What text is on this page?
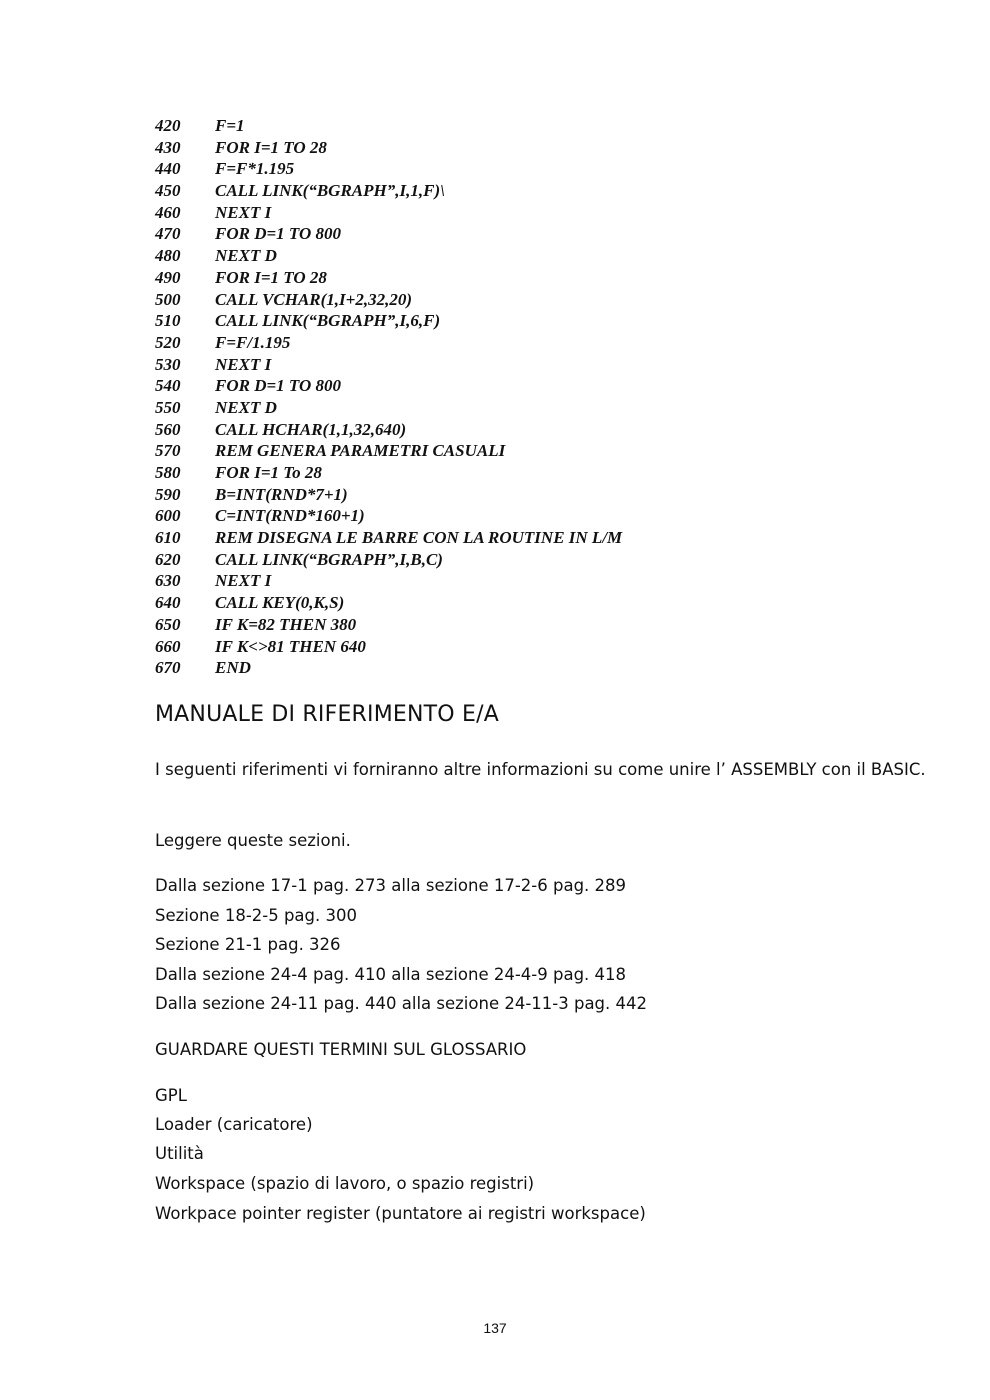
420 F=1
430 FOR I=1 TO 28
440 F=F*1.195
450 CALL LINK(“BGRAPH”,I,1,F)\
460 NEXT I
470 FOR D=1 TO 800
480 NEXT D
490 FOR I=1 TO 28
500 CALL VCHAR(1,I+2,32,20)
510 CALL LINK(“BGRAPH”,I,6,F)
520 F=F/1.195
530 NEXT I
540 FOR D=1 TO 800
550 NEXT D
560 CALL HCHAR(1,1,32,640)
570 REM GENERA PARAMETRI CASUALI
580 FOR I=1 To 28
590 B=INT(RND*7+1)
600 C=INT(RND*160+1)
610 REM DISEGNA LE BARRE CON LA ROUTINE IN L/M
620 CALL LINK(“BGRAPH”,I,B,C)
630 NEXT I
640 CALL KEY(0,K,S)
650 IF K=82 THEN 380
660 IF K<>81 THEN 640
670 END
MANUALE DI RIFERIMENTO E/A
I seguenti riferimenti vi forniranno altre informazioni su come unire l’ ASSEMBLY con il BASIC.
Leggere queste sezioni.
Dalla sezione 17-1 pag. 273 alla sezione 17-2-6 pag. 289
Sezione 18-2-5 pag. 300
Sezione 21-1 pag. 326
Dalla sezione 24-4 pag. 410 alla sezione 24-4-9 pag. 418
Dalla sezione 24-11 pag. 440 alla sezione 24-11-3 pag. 442
GUARDARE QUESTI TERMINI SUL GLOSSARIO
GPL
Loader (caricatore)
Utilità
Workspace (spazio di lavoro, o spazio registri)
Workpace pointer register (puntatore ai registri workspace)
137
